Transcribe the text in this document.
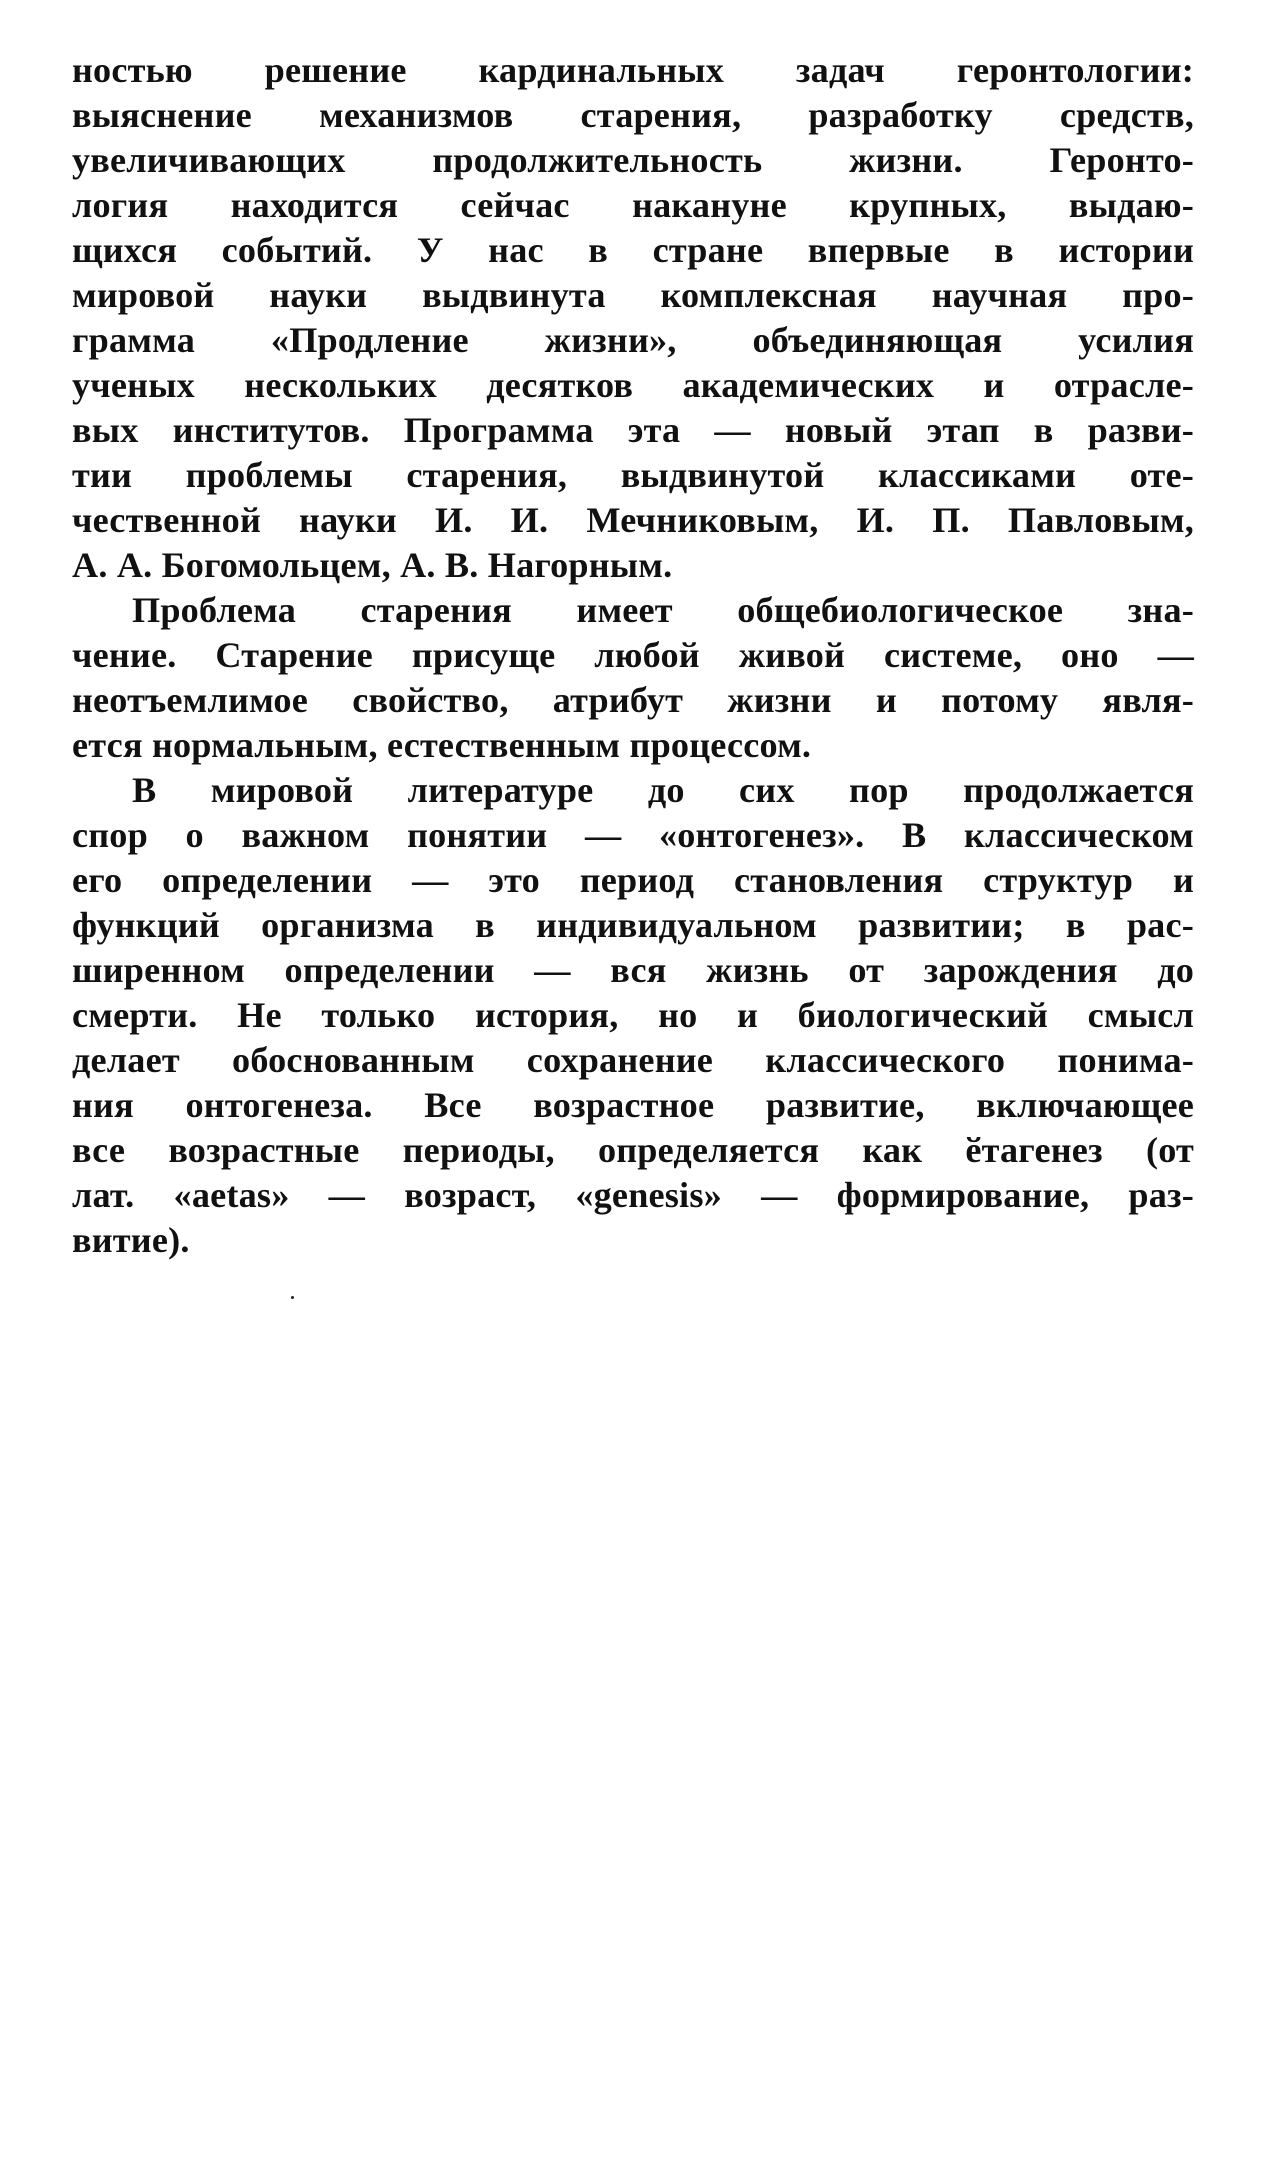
ностью решение кардинальных задач геронтологии:
выяснение механизмов старения, разработку средств,
увеличивающих продолжительность жизни. Геронто-
логия находится сейчас накануне крупных, выдаю-
щихся событий. У нас в стране впервые в истории
мировой науки выдвинута комплексная научная про-
грамма «Продление жизни», объединяющая усилия
ученых нескольких десятков академических и отрасле-
вых институтов. Программа эта — новый этап в разви-
тии проблемы старения, выдвинутой классиками оте-
чественной науки И. И. Мечниковым, И. П. Павловым,
А. А. Богомольцем, А. В. Нагорным.
Проблема старения имеет общебиологическое зна-
чение. Старение присуще любой живой системе, оно —
неотъемлимое свойство, атрибут жизни и потому явля-
ется нормальным, естественным процессом.
В мировой литературе до сих пор продолжается
спор о важном понятии — «онтогенез». В классическом
его определении — это период становления структур и
функций организма в индивидуальном развитии; в рас-
ширенном определении — вся жизнь от зарождения до
смерти. Не только история, но и биологический смысл
делает обоснованным сохранение классического понима-
ния онтогенеза. Все возрастное развитие, включающее
все возрастные периоды, определяется как ӗтагенез (от
лат. «aetas» — возраст, «genesis» — формирование, раз-
витие).
